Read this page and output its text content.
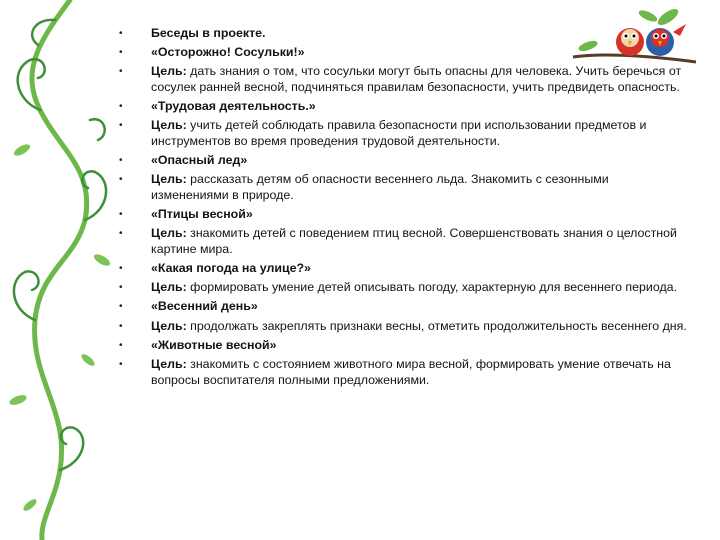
• Беседы в проекте.
• «Осторожно! Сосульки!»
• Цель: дать знания о том, что сосульки могут быть опасны для человека. Учить беречься от сосулек ранней весной, подчиняться правилам безопасности, учить предвидеть опасность.
• «Трудовая деятельность.»
• Цель: учить детей соблюдать правила безопасности при использовании предметов и инструментов во время проведения трудовой деятельности.
• «Опасный лед»
• Цель: рассказать детям об опасности весеннего льда. Знакомить с сезонными изменениями в природе.
• «Птицы весной»
• Цель: знакомить детей с поведением птиц весной. Совершенствовать знания о целостной картине мира.
• «Какая погода на улице?»
• Цель: формировать умение детей описывать погоду, характерную для весеннего периода.
• «Весенний день»
• Цель: продолжать закреплять признаки весны, отметить продолжительность весеннего дня.
• «Животные весной»
• Цель: знакомить с состоянием животного мира весной, формировать умение отвечать на вопросы воспитателя полными предложениями.
